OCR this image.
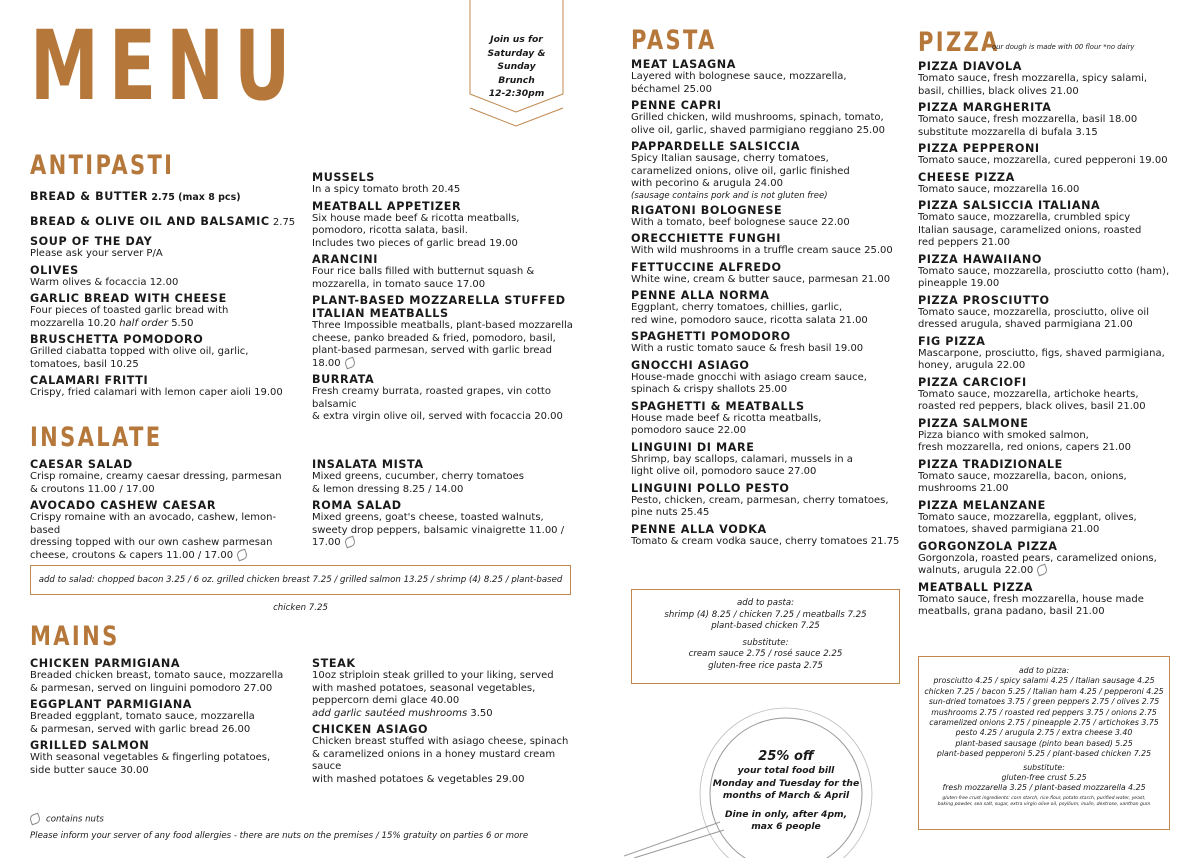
MENU	Join us for
Saturday & Sunday
Brunch
12-2:30pm
ANTIPASTI
BREAD & BUTTER 2.75 (max 8 pcs)
BREAD & OLIVE OIL AND BALSAMIC 2.75
SOUP OF THE DAY
Please ask your server P/A
OLIVES
Warm olives & focaccia 12.00
GARLIC BREAD WITH CHEESE
Four pieces of toasted garlic bread with
mozzarella 10.20 half order 5.50
BRUSCHETTA POMODORO
Grilled ciabatta topped with olive oil, garlic,
tomatoes, basil 10.25
CALAMARI FRITTI
Crispy, fried calamari with lemon caper aioli 19.00
MUSSELS
In a spicy tomato broth 20.45
MEATBALL APPETIZER
Six house made beef & ricotta meatballs,
pomodoro, ricotta salata, basil.
Includes two pieces of garlic bread 19.00
ARANCINI
Four rice balls filled with butternut squash &
mozzarella, in tomato sauce 17.00
PLANT-BASED MOZZARELLA STUFFED
ITALIAN MEATBALLS
Three Impossible meatballs, plant-based mozzarella
cheese, panko breaded & fried, pomodoro, basil,
plant-based parmesan, served with garlic bread 18.00
BURRATA
Fresh creamy burrata, roasted grapes, vin cotto balsamic
& extra virgin olive oil, served with focaccia 20.00
INSALATE
CAESAR SALAD
Crisp romaine, creamy caesar dressing, parmesan
& croutons 11.00 / 17.00
AVOCADO CASHEW CAESAR
Crispy romaine with an avocado, cashew, lemon-based
dressing topped with our own cashew parmesan
cheese, croutons & capers 11.00 / 17.00
INSALATA MISTA
Mixed greens, cucumber, cherry tomatoes
& lemon dressing 8.25 / 14.00
ROMA SALAD
Mixed greens, goat's cheese, toasted walnuts,
sweety drop peppers, balsamic vinaigrette 11.00 / 17.00
add to salad: chopped bacon 3.25 / 6 oz. grilled chicken breast 7.25 / grilled salmon 13.25 / shrimp (4) 8.25 / plant-based chicken 7.25
MAINS
CHICKEN PARMIGIANA
Breaded chicken breast, tomato sauce, mozzarella
& parmesan, served on linguini pomodoro 27.00
EGGPLANT PARMIGIANA
Breaded eggplant, tomato sauce, mozzarella
& parmesan, served with garlic bread 26.00
GRILLED SALMON
With seasonal vegetables & fingerling potatoes,
side butter sauce 30.00
STEAK
10oz striploin steak grilled to your liking, served
with mashed potatoes, seasonal vegetables,
peppercorn demi glace 40.00
add garlic sautéed mushrooms 3.50
CHICKEN ASIAGO
Chicken breast stuffed with asiago cheese, spinach
& caramelized onions in a honey mustard cream sauce
with mashed potatoes & vegetables 29.00
contains nuts
Please inform your server of any food allergies - there are nuts on the premises / 15% gratuity on parties 6 or more
PASTA
MEAT LASAGNA
Layered with bolognese sauce, mozzarella,
béchamel 25.00
PENNE CAPRI
Grilled chicken, wild mushrooms, spinach, tomato,
olive oil, garlic, shaved parmigiano reggiano 25.00
PAPPARDELLE SALSICCIA
Spicy Italian sausage, cherry tomatoes,
caramelized onions, olive oil, garlic finished
with pecorino & arugula 24.00
(sausage contains pork and is not gluten free)
RIGATONI BOLOGNESE
With a tomato, beef bolognese sauce 22.00
ORECCHIETTE FUNGHI
With wild mushrooms in a truffle cream sauce 25.00
FETTUCCINE ALFREDO
White wine, cream & butter sauce, parmesan 21.00
PENNE ALLA NORMA
Eggplant, cherry tomatoes, chillies, garlic,
red wine, pomodoro sauce, ricotta salata 21.00
SPAGHETTI POMODORO
With a rustic tomato sauce & fresh basil 19.00
GNOCCHI ASIAGO
House-made gnocchi with asiago cream sauce,
spinach & crispy shallots 25.00
SPAGHETTI & MEATBALLS
House made beef & ricotta meatballs,
pomodoro sauce 22.00
LINGUINI DI MARE
Shrimp, bay scallops, calamari, mussels in a
light olive oil, pomodoro sauce 27.00
LINGUINI POLLO PESTO
Pesto, chicken, cream, parmesan, cherry tomatoes,
pine nuts 25.45
PENNE ALLA VODKA
Tomato & cream vodka sauce, cherry tomatoes 21.75
add to pasta:
shrimp (4) 8.25 / chicken 7.25 / meatballs 7.25
plant-based chicken 7.25
substitute:
cream sauce 2.75 / rosé sauce 2.25
gluten-free rice pasta 2.75
25% off
your total food bill
Monday and Tuesday for the
months of March & April
Dine in only, after 4pm,
max 6 people
PIZZA
our dough is made with 00 flour *no dairy
PIZZA DIAVOLA
Tomato sauce, fresh mozzarella, spicy salami,
basil, chillies, black olives 21.00
PIZZA MARGHERITA
Tomato sauce, fresh mozzarella, basil 18.00
substitute mozzarella di bufala 3.15
PIZZA PEPPERONI
Tomato sauce, mozzarella, cured pepperoni 19.00
CHEESE PIZZA
Tomato sauce, mozzarella 16.00
PIZZA SALSICCIA ITALIANA
Tomato sauce, mozzarella, crumbled spicy
Italian sausage, caramelized onions, roasted
red peppers 21.00
PIZZA HAWAIIANO
Tomato sauce, mozzarella, prosciutto cotto (ham),
pineapple 19.00
PIZZA PROSCIUTTO
Tomato sauce, mozzarella, prosciutto, olive oil
dressed arugula, shaved parmigiana 21.00
FIG PIZZA
Mascarpone, prosciutto, figs, shaved parmigiana,
honey, arugula 22.00
PIZZA CARCIOFI
Tomato sauce, mozzarella, artichoke hearts,
roasted red peppers, black olives, basil 21.00
PIZZA SALMONE
Pizza bianco with smoked salmon,
fresh mozzarella, red onions, capers 21.00
PIZZA TRADIZIONALE
Tomato sauce, mozzarella, bacon, onions,
mushrooms 21.00
PIZZA MELANZANE
Tomato sauce, mozzarella, eggplant, olives,
tomatoes, shaved parmigiana 21.00
GORGONZOLA PIZZA
Gorgonzola, roasted pears, caramelized onions,
walnuts, arugula 22.00
MEATBALL PIZZA
Tomato sauce, fresh mozzarella, house made
meatballs, grana padano, basil 21.00
add to pizza:
prosciutto 4.25 / spicy salami 4.25 / Italian sausage 4.25
chicken 7.25 / bacon 5.25 / Italian ham 4.25 / pepperoni 4.25
sun-dried tomatoes 3.75 / green peppers 2.75 / olives 2.75
mushrooms 2.75 / roasted red peppers 3.75 / onions 2.75
caramelized onions 2.75 / pineapple 2.75 / artichokes 3.75
pesto 4.25 / arugula 2.75 / extra cheese 3.40
plant-based sausage (pinto bean based) 5.25
plant-based pepperoni 5.25 / plant-based chicken 7.25
substitute:
gluten-free crust 5.25
fresh mozzarella 3.25 / plant-based mozzarella 4.25
gluten-free crust ingredients: corn starch, rice flour, potato starch, purified water, yeast,
baking powder, sea salt, sugar, extra virgin olive oil, psyllium, inulin, dextrose, xanthan gum
